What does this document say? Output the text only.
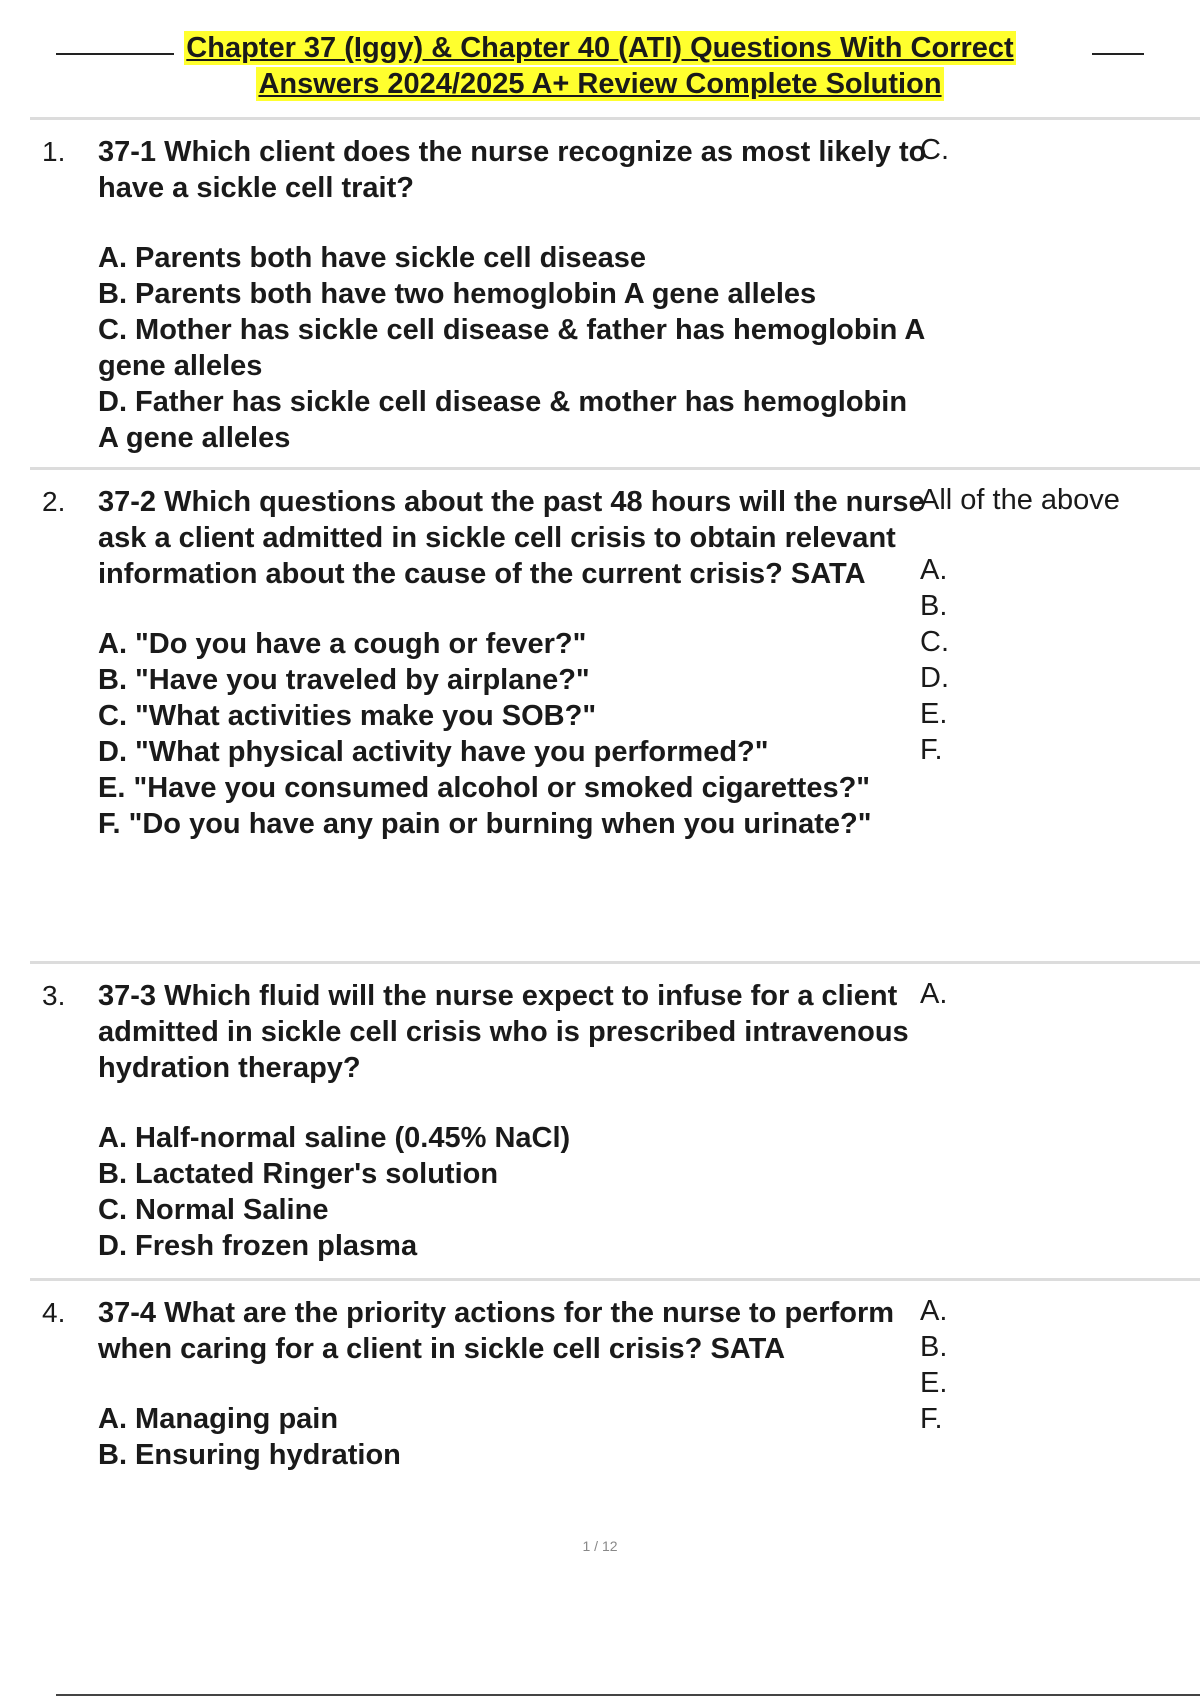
Chapter 37 (Iggy) & Chapter 40 (ATI) Questions With Correct
Answers 2024/2025 A+ Review Complete Solution
1. 37-1 Which client does the nurse recognize as most likely to have a sickle cell trait?

A. Parents both have sickle cell disease

B. Parents both have two hemoglobin A gene alleles

C. Mother has sickle cell disease & father has hemoglobin A gene alleles

D. Father has sickle cell disease & mother has hemoglobin A gene alleles

C.

2. 37-2 Which questions about the past 48 hours will the nurse ask a client admitted in sickle cell crisis to obtain relevant information about the cause of the current crisis? SATA

A. "Do you have a cough or fever?"

B. "Have you traveled by airplane?"

C. "What activities make you SOB?"

D. "What physical activity have you performed?"

E. "Have you consumed alcohol or smoked cigarettes?"

F. "Do you have any pain or burning when you urinate?"

All of the above

A.

B.

C.

D.

E.

F.

3. 37-3 Which fluid will the nurse expect to infuse for a client admitted in sickle cell crisis who is prescribed intravenous hydration therapy?

A. Half-normal saline (0.45% NaCl)

B. Lactated Ringer's solution

C. Normal Saline

D. Fresh frozen plasma

A.

4. 37-4 What are the priority actions for the nurse to perform when caring for a client in sickle cell crisis? SATA

A. Managing pain

B. Ensuring hydration

A.

B.

E.

F.

1 / 12
